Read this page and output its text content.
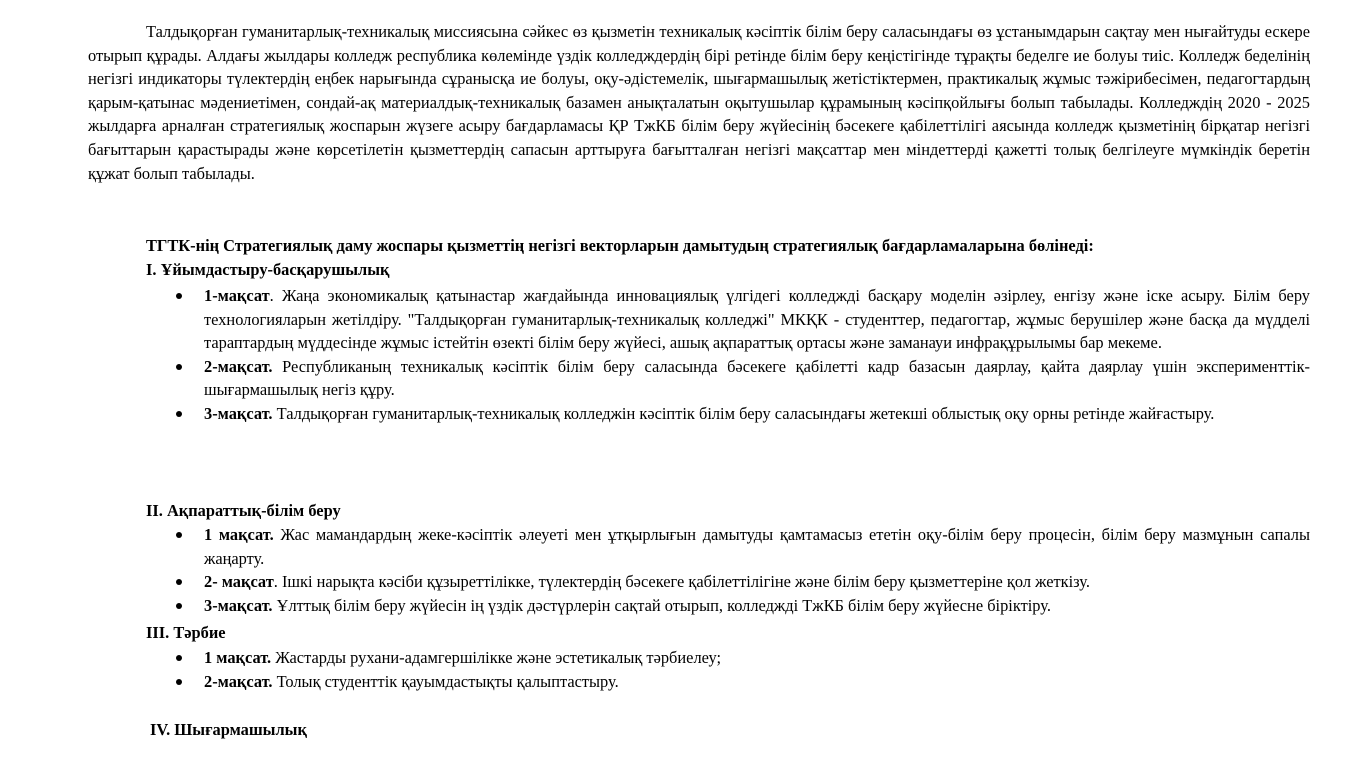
Талдықорған гуманитарлық-техникалық миссиясына сәйкес өз қызметін техникалық кәсіптік білім беру саласындағы өз ұстанымдарын сақтау мен нығайтуды ескере отырып құрады. Алдағы жылдары колледж республика көлемінде үздік колледждердің бірі ретінде білім беру кеңістігінде тұрақты беделге ие болуы тиіс. Колледж беделінің негізгі индикаторы түлектердің еңбек нарығында сұранысқа ие болуы, оқу-әдістемелік, шығармашылық жетістіктермен, практикалық жұмыс тәжірибесімен, педагогтардың қарым-қатынас мәдениетімен, сондай-ақ материалдық-техникалық базамен анықталатын оқытушылар құрамының кәсіпқойлығы болып табылады. Колледждің 2020 - 2025 жылдарға арналған стратегиялық жоспарын жүзеге асыру бағдарламасы ҚР ТжКБ білім беру жүйесінің бәсекеге қабілеттілігі аясында колледж қызметінің бірқатар негізгі бағыттарын қарастырады және көрсетілетін қызметтердің сапасын арттыруға бағытталған негізгі мақсаттар мен міндеттерді қажетті толық белгілеуге мүмкіндік беретін құжат болып табылады.

ТГТК-нің Стратегиялық даму жоспары қызметтің негізгі векторларын дамытудың стратегиялық бағдарламаларына бөлінеді:
I. Ұйымдастыру-басқарушылық
1-мақсат. Жаңа экономикалық қатынастар жағдайында инновациялық үлгідегі колледжді басқару моделін әзірлеу, енгізу және іске асыру. Білім беру технологияларын жетілдіру. "Талдықорған гуманитарлық-техникалық колледжі" МКҚК - студенттер, педагогтар, жұмыс берушілер және басқа да мүдделі тараптардың мүддесінде жұмыс істейтін өзекті білім беру жүйесі, ашық ақпараттық ортасы және заманауи инфрақұрылымы бар мекеме.
2-мақсат. Республиканың техникалық кәсіптік білім беру саласында бәсекеге қабілетті кадр базасын даярлау, қайта даярлау үшін эксперименттік-шығармашылық негіз құру.
3-мақсат. Талдықорған гуманитарлық-техникалық колледжін кәсіптік білім беру саласындағы жетекші облыстық оқу орны ретінде жайғастыру.
II. Ақпараттық-білім беру
1 мақсат. Жас мамандардың жеке-кәсіптік әлеуеті мен ұтқырлығын дамытуды қамтамасыз ететін оқу-білім беру процесін, білім беру мазмұнын сапалы жаңарту.
2- мақсат. Ішкі нарықта кәсіби құзыреттілікке, түлектердің бәсекеге қабілеттілігіне және білім беру қызметтеріне қол жеткізу.
3-мақсат. Ұлттық білім беру жүйесін ің үздік дәстүрлерін сақтай отырып, колледжді ТжКБ білім беру жүйесне біріктіру.
III. Тәрбие
1 мақсат. Жастарды рухани-адамгершілікке және эстетикалық тәрбиелеу;
2-мақсат. Толық студенттік қауымдастықты қалыптастыру.
IV. Шығармашылық
